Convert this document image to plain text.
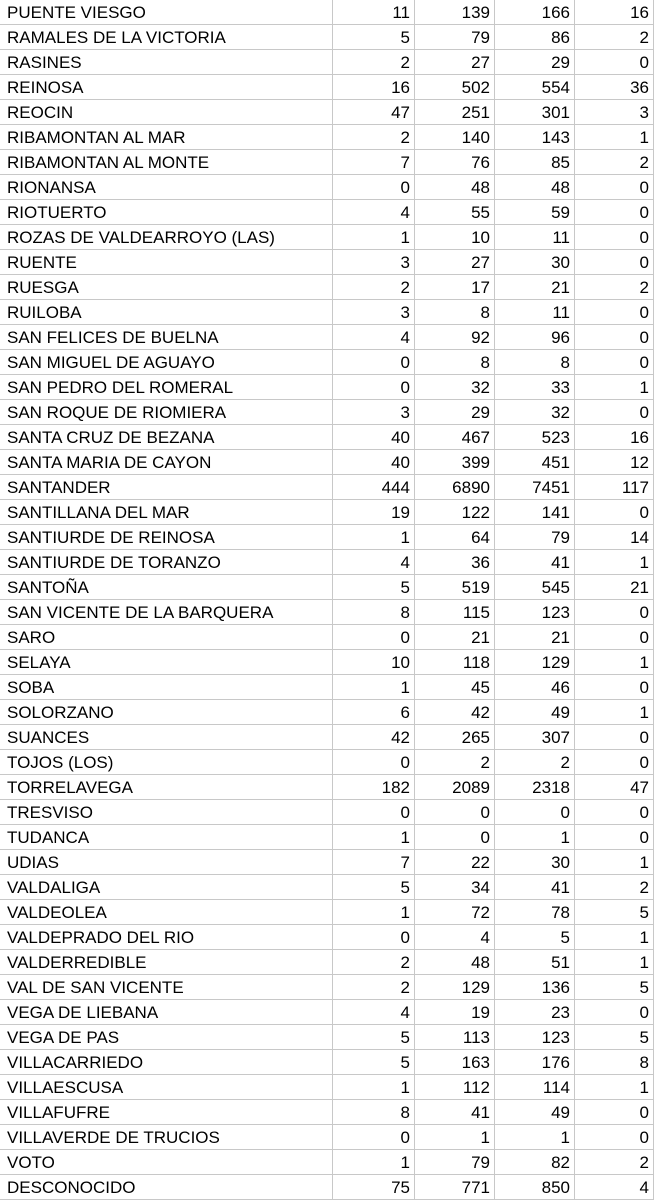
PUENTE VIESGO	11	139	166	16
RAMALES DE LA VICTORIA	5	79	86	2
RASINES	2	27	29	0
REINOSA	16	502	554	36
REOCIN	47	251	301	3
RIBAMONTAN AL MAR	2	140	143	1
RIBAMONTAN AL MONTE	7	76	85	2
RIONANSA	0	48	48	0
RIOTUERTO	4	55	59	0
ROZAS DE VALDEARROYO (LAS)	1	10	11	0
RUENTE	3	27	30	0
RUESGA	2	17	21	2
RUILOBA	3	8	11	0
SAN FELICES DE BUELNA	4	92	96	0
SAN MIGUEL DE AGUAYO	0	8	8	0
SAN PEDRO DEL ROMERAL	0	32	33	1
SAN ROQUE DE RIOMIERA	3	29	32	0
SANTA CRUZ DE BEZANA	40	467	523	16
SANTA MARIA DE CAYON	40	399	451	12
SANTANDER	444	6890	7451	117
SANTILLANA DEL MAR	19	122	141	0
SANTIURDE DE REINOSA	1	64	79	14
SANTIURDE DE TORANZO	4	36	41	1
SANTOÑA	5	519	545	21
SAN VICENTE DE LA BARQUERA	8	115	123	0
SARO	0	21	21	0
SELAYA	10	118	129	1
SOBA	1	45	46	0
SOLORZANO	6	42	49	1
SUANCES	42	265	307	0
TOJOS (LOS)	0	2	2	0
TORRELAVEGA	182	2089	2318	47
TRESVISO	0	0	0	0
TUDANCA	1	0	1	0
UDIAS	7	22	30	1
VALDALIGA	5	34	41	2
VALDEOLEA	1	72	78	5
VALDEPRADO DEL RIO	0	4	5	1
VALDERREDIBLE	2	48	51	1
VAL DE SAN VICENTE	2	129	136	5
VEGA DE LIEBANA	4	19	23	0
VEGA DE PAS	5	113	123	5
VILLACARRIEDO	5	163	176	8
VILLAESCUSA	1	112	114	1
VILLAFUFRE	8	41	49	0
VILLAVERDE DE TRUCIOS	0	1	1	0
VOTO	1	79	82	2
DESCONOCIDO	75	771	850	4
